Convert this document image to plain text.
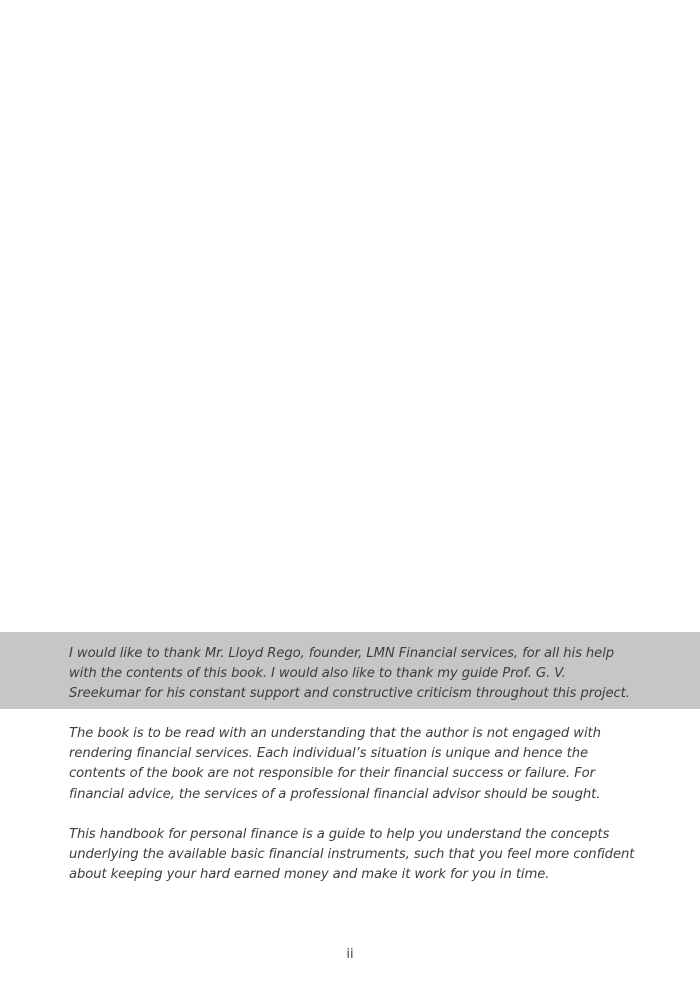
I would like to thank Mr. Lloyd Rego, founder, LMN Financial services, for all his help with the contents of this book. I would also like to thank my guide Prof. G. V. Sreekumar for his constant support and constructive criticism throughout this project.

The book is to be read with an understanding that the author is not engaged with rendering financial services. Each individual’s situation is unique and hence the contents of the book are not responsible for their financial success or failure. For financial advice, the services of a professional financial advisor should be sought.

This handbook for personal finance is a guide to help you understand the concepts underlying the available basic financial instruments, such that you feel more confident about keeping your hard earned money and make it work for you in time.

ii
